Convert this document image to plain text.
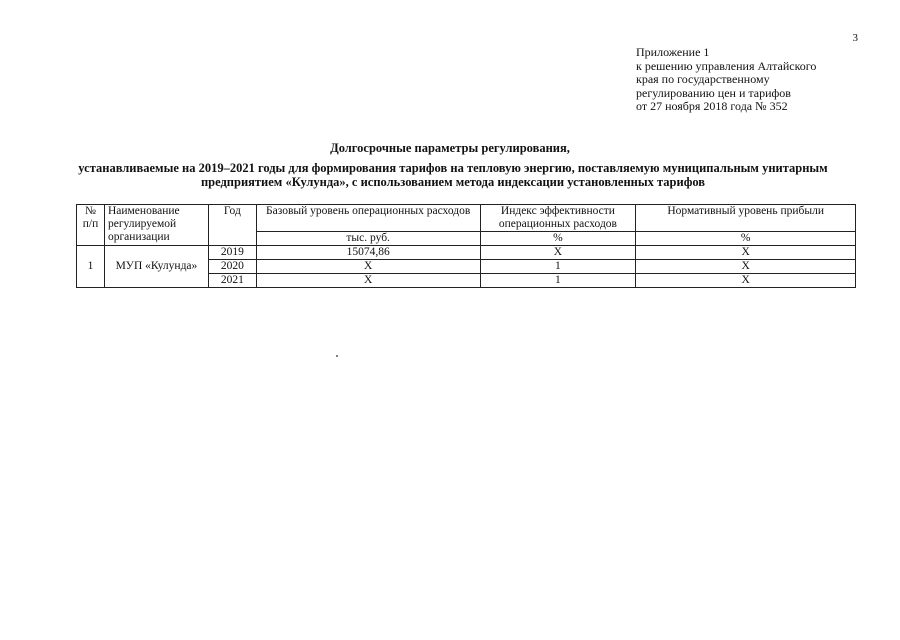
3
Приложение 1
к решению управления Алтайского
края по государственному
регулированию цен и тарифов
от 27 ноября 2018 года № 352
Долгосрочные параметры регулирования,
устанавливаемые на 2019–2021 годы для формирования тарифов на тепловую энергию, поставляемую муниципальным унитарным предприятием «Кулунда», с использованием метода индексации установленных тарифов
№ п/п	Наименование регулируемой организации	Год	Базовый уровень операционных расходов	Индекс эффективности операционных расходов	Нормативный уровень прибыли
			тыс. руб.	%	%
1	МУП «Кулунда»	2019	15074,86	Х	Х
		2020	Х	1	Х
		2021	Х	1	Х
